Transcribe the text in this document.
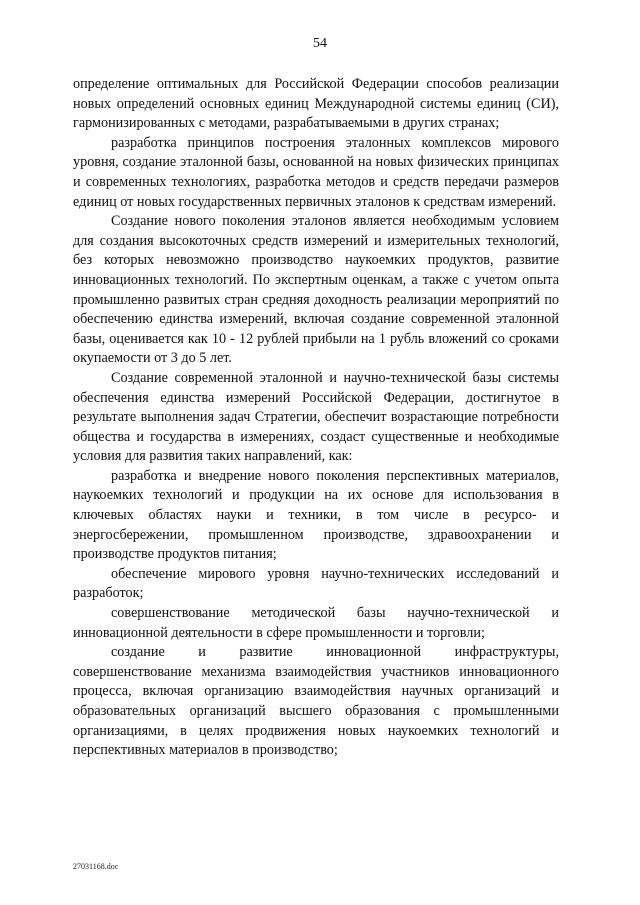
54

определение оптимальных для Российской Федерации способов реализации новых определений основных единиц Международной системы единиц (СИ), гармонизированных с методами, разрабатываемыми в других странах;

разработка принципов построения эталонных комплексов мирового уровня, создание эталонной базы, основанной на новых физических принципах и современных технологиях, разработка методов и средств передачи размеров единиц от новых государственных первичных эталонов к средствам измерений.

Создание нового поколения эталонов является необходимым условием для создания высокоточных средств измерений и измерительных технологий, без которых невозможно производство наукоемких продуктов, развитие инновационных технологий. По экспертным оценкам, а также с учетом опыта промышленно развитых стран средняя доходность реализации мероприятий по обеспечению единства измерений, включая создание современной эталонной базы, оценивается как 10 - 12 рублей прибыли на 1 рубль вложений со сроками окупаемости от 3 до 5 лет.

Создание современной эталонной и научно-технической базы системы обеспечения единства измерений Российской Федерации, достигнутое в результате выполнения задач Стратегии, обеспечит возрастающие потребности общества и государства в измерениях, создаст существенные и необходимые условия для развития таких направлений, как:

разработка и внедрение нового поколения перспективных материалов, наукоемких технологий и продукции на их основе для использования в ключевых областях науки и техники, в том числе в ресурсо- и энергосбережении, промышленном производстве, здравоохранении и производстве продуктов питания;

обеспечение мирового уровня научно-технических исследований и разработок;

совершенствование методической базы научно-технической и инновационной деятельности в сфере промышленности и торговли;

создание и развитие инновационной инфраструктуры, совершенствование механизма взаимодействия участников инновационного процесса, включая организацию взаимодействия научных организаций и образовательных организаций высшего образования с промышленными организациями, в целях продвижения новых наукоемких технологий и перспективных материалов в производство;

27031168.doc
